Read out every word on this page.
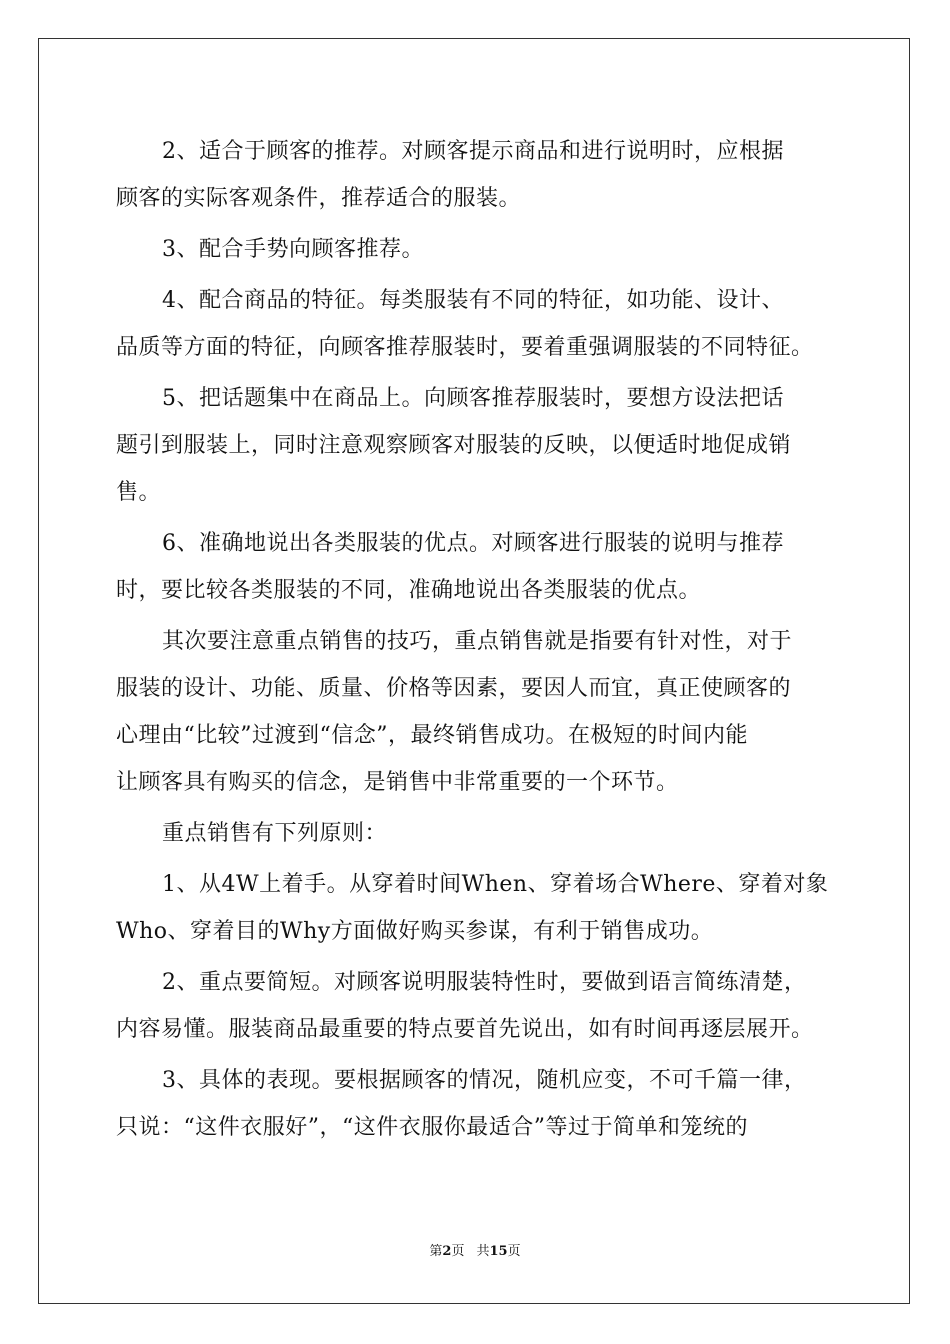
2、适合于顾客的推荐。对顾客提示商品和进行说明时，应根据
顾客的实际客观条件，推荐适合的服装。
3、配合手势向顾客推荐。
4、配合商品的特征。每类服装有不同的特征，如功能、设计、
品质等方面的特征，向顾客推荐服装时，要着重强调服装的不同特征。
5、把话题集中在商品上。向顾客推荐服装时，要想方设法把话
题引到服装上，同时注意观察顾客对服装的反映，以便适时地促成销
售。
6、准确地说出各类服装的优点。对顾客进行服装的说明与推荐
时，要比较各类服装的不同，准确地说出各类服装的优点。
其次要注意重点销售的技巧，重点销售就是指要有针对性，对于
服装的设计、功能、质量、价格等因素，要因人而宜，真正使顾客的
心理由“比较”过渡到“信念”，最终销售成功。在极短的时间内能
让顾客具有购买的信念，是销售中非常重要的一个环节。
重点销售有下列原则：
1、从4W上着手。从穿着时间When、穿着场合Where、穿着对象
Who、穿着目的Why方面做好购买参谋，有利于销售成功。
2、重点要简短。对顾客说明服装特性时，要做到语言简练清楚，
内容易懂。服装商品最重要的特点要首先说出，如有时间再逐层展开。
3、具体的表现。要根据顾客的情况，随机应变，不可千篇一律，
只说：“这件衣服好”，“这件衣服你最适合”等过于简单和笼统的
第2页 共15页
